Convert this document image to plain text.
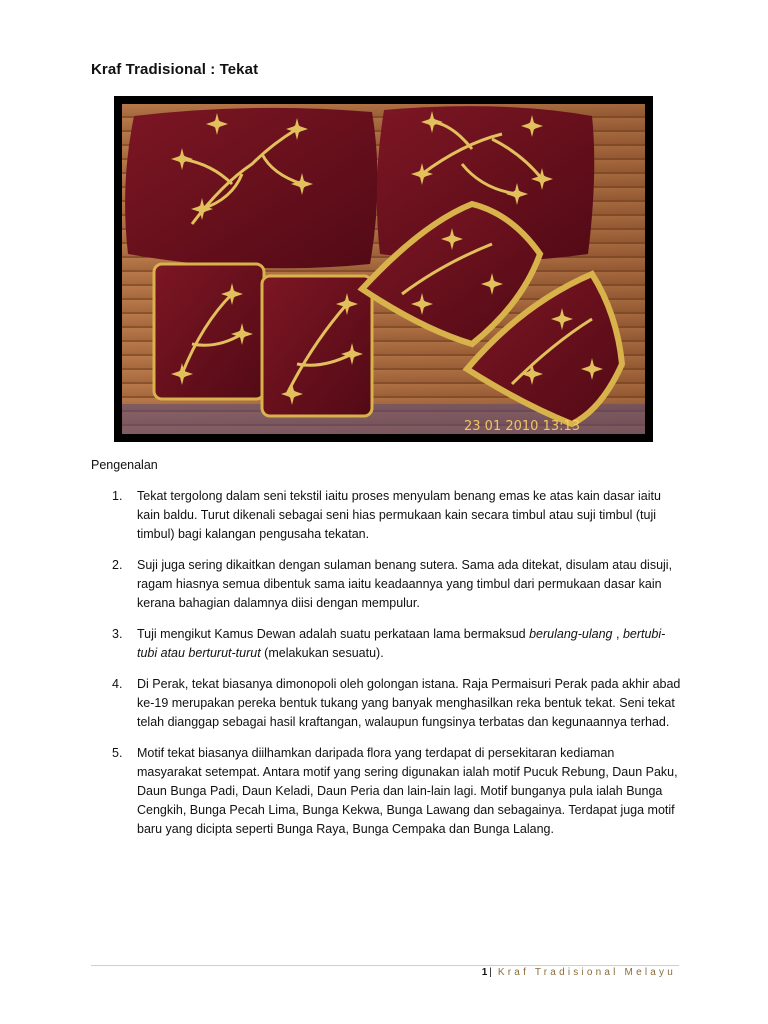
Kraf Tradisional : Tekat
23 01 2010 13:13
Pengenalan
1. Tekat tergolong dalam seni tekstil iaitu proses menyulam benang emas ke atas kain dasar iaitu kain baldu. Turut dikenali sebagai seni hias permukaan kain secara timbul atau suji timbul (tuji timbul) bagi kalangan pengusaha tekatan.
2. Suji juga sering dikaitkan dengan sulaman benang sutera. Sama ada ditekat, disulam atau disuji, ragam hiasnya semua dibentuk sama iaitu keadaannya yang timbul dari permukaan dasar kain kerana bahagian dalamnya diisi dengan mempulur.
3. Tuji mengikut Kamus Dewan adalah suatu perkataan lama bermaksud berulang-ulang , bertubi-tubi atau berturut-turut (melakukan sesuatu).
4. Di Perak, tekat biasanya dimonopoli oleh golongan istana. Raja Permaisuri Perak pada akhir abad ke-19 merupakan pereka bentuk tukang yang banyak menghasilkan reka bentuk tekat. Seni tekat telah dianggap sebagai hasil kraftangan, walaupun fungsinya terbatas dan kegunaannya terhad.
5. Motif tekat biasanya diilhamkan daripada flora yang terdapat di persekitaran kediaman masyarakat setempat. Antara motif yang sering digunakan ialah motif Pucuk Rebung, Daun Paku, Daun Bunga Padi, Daun Keladi, Daun Peria dan lain-lain lagi. Motif bunganya pula ialah Bunga Cengkih, Bunga Pecah Lima, Bunga Kekwa, Bunga Lawang dan sebagainya. Terdapat juga motif baru yang dicipta seperti Bunga Raya, Bunga Cempaka dan Bunga Lalang.
1 | Kraf Tradisional Melayu
